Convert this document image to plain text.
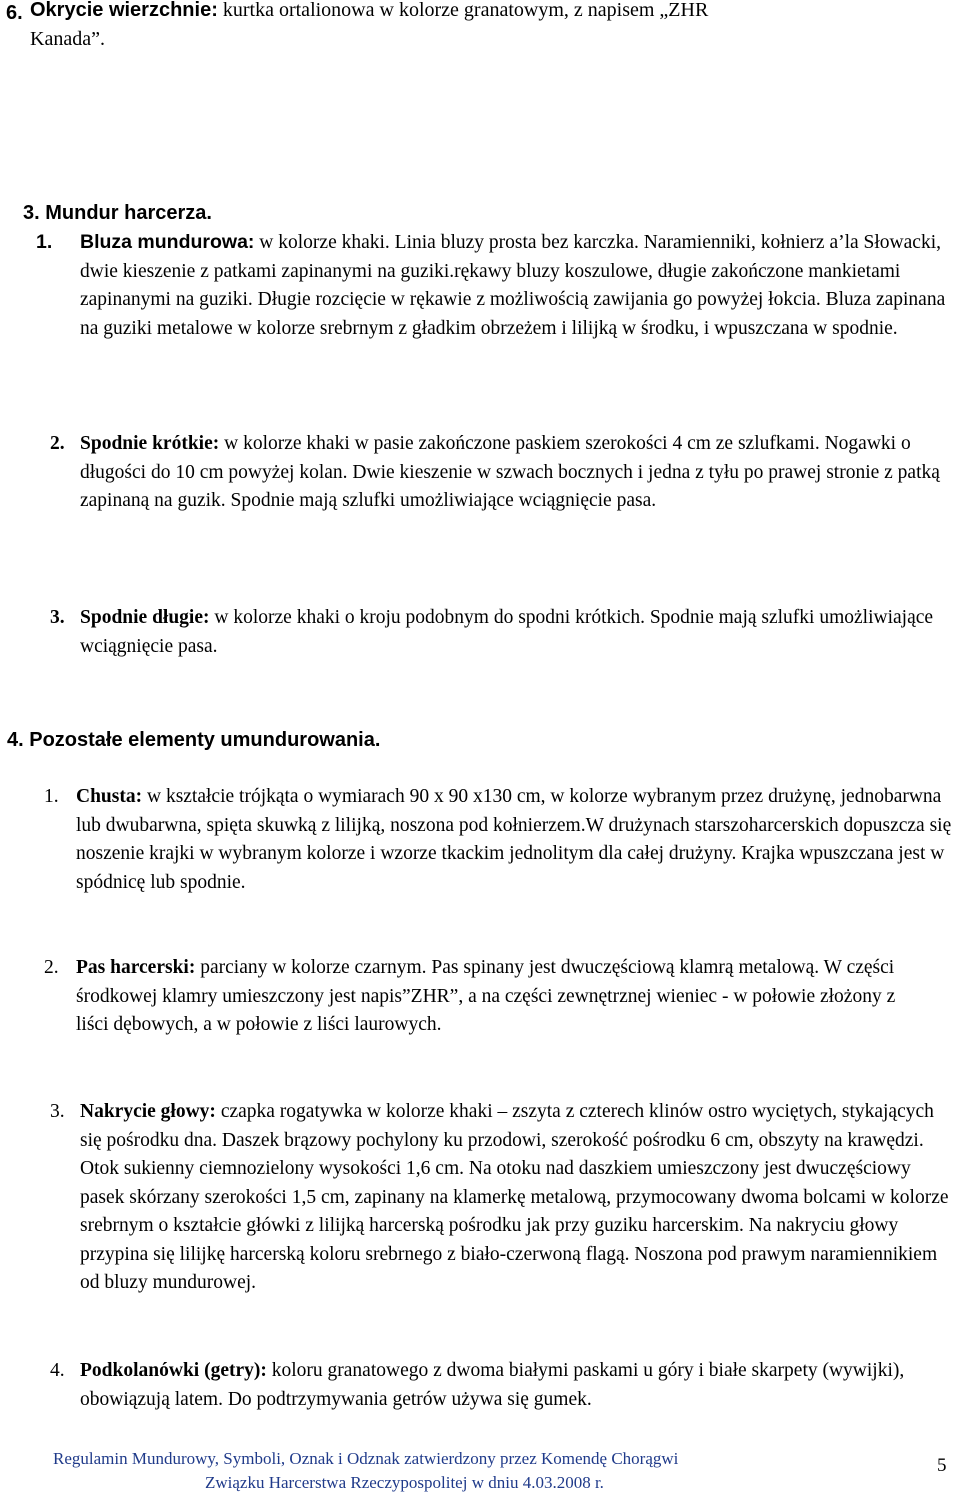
6. Okrycie wierzchnie: kurtka ortalionowa w kolorze granatowym, z napisem „ZHR
Kanada”.
3. Mundur harcerza.
1. Bluza mundurowa: w kolorze khaki. Linia bluzy prosta bez karczka. Naramienniki, kołnierz a’la Słowacki, dwie kieszenie z patkami zapinanymi na guziki.rękawy bluzy koszulowe, długie zakończone mankietami zapinanymi na guziki. Długie rozcięcie w rękawie z możliwością zawijania go powyżej łokcia. Bluza zapinana na guziki metalowe w kolorze srebrnym z gładkim obrzeżem i lilijką w środku, i wpuszczana w spodnie.
2. Spodnie krótkie: w kolorze khaki w pasie zakończone paskiem szerokości 4 cm ze szlufkami. Nogawki o długości do 10 cm powyżej kolan. Dwie kieszenie w szwach bocznych i jedna z tyłu po prawej stronie z patką zapinaną na guzik. Spodnie mają szlufki umożliwiające wciągnięcie pasa.
3. Spodnie długie: w kolorze khaki o kroju podobnym do spodni krótkich. Spodnie mają szlufki umożliwiające wciągnięcie pasa.
4. Pozostałe elementy umundurowania.
1. Chusta: w kształcie trójkąta o wymiarach 90 x 90 x130 cm, w kolorze wybranym przez drużynę, jednobarwna lub dwubarwna, spięta skuwką z lilijką, noszona pod kołnierzem.W drużynach starszoharcerskich dopuszcza się noszenie krajki w wybranym kolorze i wzorze tkackim jednolitym dla całej drużyny. Krajka wpuszczana jest w spódnicę lub spodnie.
2. Pas harcerski: parciany w kolorze czarnym. Pas spinany jest dwuczęściową klamrą metalową. W części środkowej klamry umieszczony jest napis”ZHR”, a na części zewnętrznej wieniec - w połowie złożony z liści dębowych, a w połowie z liści laurowych.
3. Nakrycie głowy: czapka rogatywka w kolorze khaki – zszyta z czterech klinów ostro wyciętych, stykających się pośrodku dna. Daszek brązowy pochylony ku przodowi, szerokość pośrodku 6 cm, obszyty na krawędzi. Otok sukienny ciemnozielony wysokości 1,6 cm. Na otoku nad daszkiem umieszczony jest dwuczęściowy pasek skórzany szerokości 1,5 cm, zapinany na klamerkę metalową, przymocowany dwoma bolcami w kolorze srebrnym o kształcie główki z lilijką harcerską pośrodku jak przy guziku harcerskim. Na nakryciu głowy przypina się lilijkę harcerską koloru srebrnego z biało-czerwoną flagą. Noszona pod prawym naramiennikiem od bluzy mundurowej.
4. Podkolanówki (getry): koloru granatowego z dwoma białymi paskami u góry i białe skarpety (wywijki), obowiązują latem. Do podtrzymywania getrów używa się gumek.
Regulamin Mundurowy, Symboli, Oznak i Odznak zatwierdzony przez Komendę Chorągwi
Związku Harcerstwa Rzeczypospolitej w dniu 4.03.2008 r.
5
